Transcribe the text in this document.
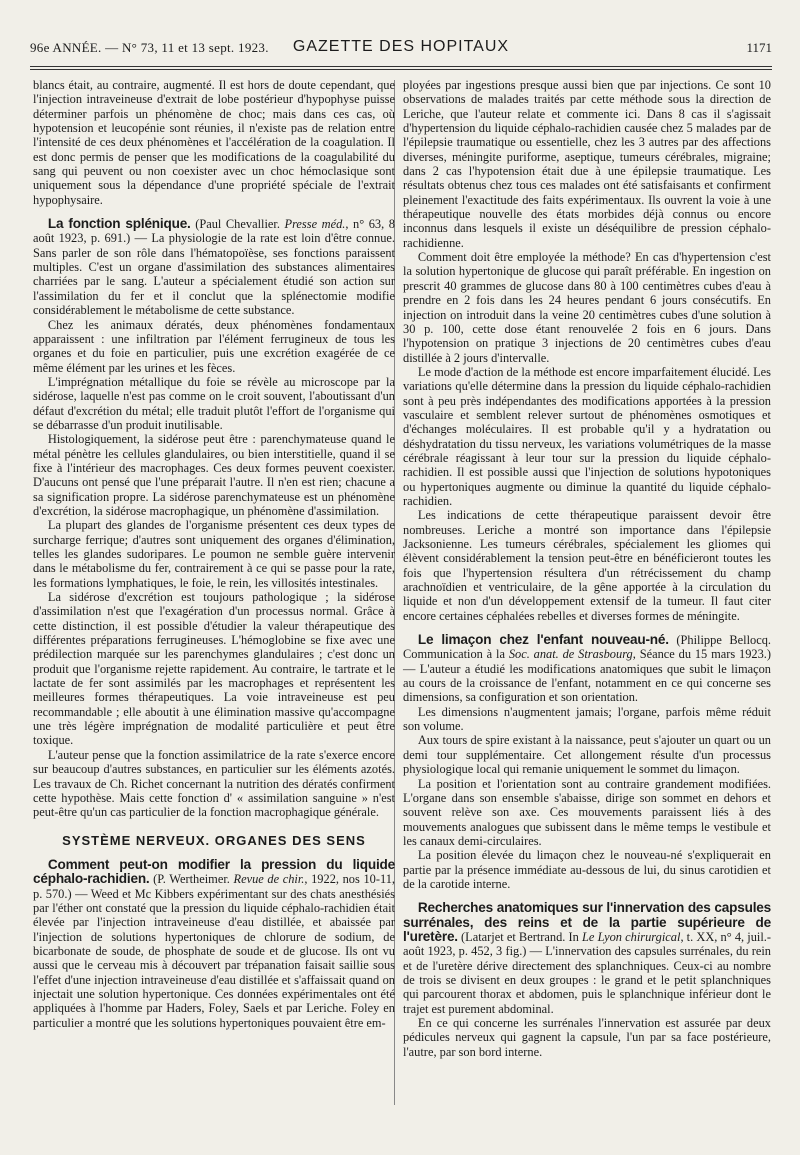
96e ANNÉE. — N° 73, 11 et 13 sept. 1923.	GAZETTE DES HOPITAUX	1171

blancs était, au contraire, augmenté. Il est hors de doute cependant, que l'injection intraveineuse d'extrait de lobe postérieur d'hypophyse puisse déterminer parfois un phénomène de choc; mais dans ces cas, où hypotension et leucopénie sont réunies, il n'existe pas de relation entre l'intensité de ces deux phénomènes et l'accélération de la coagulation. Il est donc permis de penser que les modifications de la coagulabilité du sang qui peuvent ou non coexister avec un choc hémoclasique sont uniquement sous la dépendance d'une propriété spéciale de l'extrait hypophysaire.

La fonction splénique. (Paul Chevallier. Presse méd., n° 63, 8 août 1923, p. 691.) — La physiologie de la rate est loin d'être connue. Sans parler de son rôle dans l'hématopoïèse, ses fonctions paraissent multiples. C'est un organe d'assimilation des substances alimentaires charriées par le sang. L'auteur a spécialement étudié son action sur l'assimilation du fer et il conclut que la splénectomie modifie considérablement le métabolisme de cette substance.

Chez les animaux dératés, deux phénomènes fondamentaux apparaissent : une infiltration par l'élément ferrugineux de tous les organes et du foie en particulier, puis une excrétion exagérée de ce même élément par les urines et les fèces.

L'imprégnation métallique du foie se révèle au microscope par la sidérose, laquelle n'est pas comme on le croit souvent, l'aboutissant d'un défaut d'excrétion du métal; elle traduit plutôt l'effort de l'organisme qui se débarrasse d'un produit inutilisable.

Histologiquement, la sidérose peut être : parenchymateuse quand le métal pénètre les cellules glandulaires, ou bien interstitielle, quand il se fixe à l'intérieur des macrophages. Ces deux formes peuvent coexister. D'aucuns ont pensé que l'une préparait l'autre. Il n'en est rien; chacune a sa signification propre. La sidérose parenchymateuse est un phénomène d'excrétion, la sidérose macrophagique, un phénomène d'assimilation.

La plupart des glandes de l'organisme présentent ces deux types de surcharge ferrique; d'autres sont uniquement des organes d'élimination, telles les glandes sudoripares. Le poumon ne semble guère intervenir dans le métabolisme du fer, contrairement à ce qui se passe pour la rate, les formations lymphatiques, le foie, le rein, les villosités intestinales.

La sidérose d'excrétion est toujours pathologique ; la sidérose d'assimilation n'est que l'exagération d'un processus normal. Grâce à cette distinction, il est possible d'étudier la valeur thérapeutique des différentes préparations ferrugineuses. L'hémoglobine se fixe avec une prédilection marquée sur les parenchymes glandulaires ; c'est donc un produit que l'organisme rejette rapidement. Au contraire, le tartrate et le lactate de fer sont assimilés par les macrophages et représentent les meilleures formes thérapeutiques. La voie intraveineuse est peu recommandable ; elle aboutit à une élimination massive qu'accompagne une très légère imprégnation de modalité particulière et peut être toxique.

L'auteur pense que la fonction assimilatrice de la rate s'exerce encore sur beaucoup d'autres substances, en particulier sur les éléments azotés. Les travaux de Ch. Richet concernant la nutrition des dératés confirment cette hypothèse. Mais cette fonction d' « assimilation sanguine » n'est peut-être qu'un cas particulier de la fonction macrophagique générale.

SYSTÈME NERVEUX. ORGANES DES SENS

Comment peut-on modifier la pression du liquide céphalo-rachidien. (P. Wertheimer. Revue de chir., 1922, nos 10-11, p. 570.) — Weed et Mc Kibbers expérimentant sur des chats anesthésiés par l'éther ont constaté que la pression du liquide céphalo-rachidien était élevée par l'injection intraveineuse d'eau distillée, et abaissée par l'injection de solutions hypertoniques de chlorure de sodium, de bicarbonate de soude, de phosphate de soude et de glucose. Ils ont vu aussi que le cerveau mis à découvert par trépanation faisait saillie sous l'effet d'une injection intraveineuse d'eau distillée et s'affaissait quand on injectait une solution hypertonique. Ces données expérimentales ont été appliquées à l'homme par Haders, Foley, Saels et par Leriche. Foley en particulier a montré que les solutions hypertoniques pouvaient être em-

ployées par ingestions presque aussi bien que par injections. Ce sont 10 observations de malades traités par cette méthode sous la direction de Leriche, que l'auteur relate et commente ici. Dans 8 cas il s'agissait d'hypertension du liquide céphalo-rachidien causée chez 5 malades par de l'épilepsie traumatique ou essentielle, chez les 3 autres par des affections diverses, méningite puriforme, aseptique, tumeurs cérébrales, migraine; dans 2 cas l'hypotension était due à une épilepsie traumatique. Les résultats obtenus chez tous ces malades ont été satisfaisants et confirment pleinement l'exactitude des faits expérimentaux. Ils ouvrent la voie à une thérapeutique nouvelle des états morbides déjà connus ou encore inconnus dans lesquels il existe un déséquilibre de pression céphalo-rachidienne.

Comment doit être employée la méthode? En cas d'hypertension c'est la solution hypertonique de glucose qui paraît préférable. En ingestion on prescrit 40 grammes de glucose dans 80 à 100 centimètres cubes d'eau à prendre en 2 fois dans les 24 heures pendant 6 jours consécutifs. En injection on introduit dans la veine 20 centimètres cubes d'une solution à 30 p. 100, cette dose étant renouvelée 2 fois en 6 jours. Dans l'hypotension on pratique 3 injections de 20 centimètres cubes d'eau distillée à 2 jours d'intervalle.

Le mode d'action de la méthode est encore imparfaitement élucidé. Les variations qu'elle détermine dans la pression du liquide céphalo-rachidien sont à peu près indépendantes des modifications apportées à la pression vasculaire et semblent relever surtout de phénomènes osmotiques et d'échanges moléculaires. Il est probable qu'il y a hydratation ou déshydratation du tissu nerveux, les variations volumétriques de la masse cérébrale réagissant à leur tour sur la pression du liquide céphalo-rachidien. Il est possible aussi que l'injection de solutions hypotoniques ou hypertoniques augmente ou diminue la quantité du liquide céphalo-rachidien.

Les indications de cette thérapeutique paraissent devoir être nombreuses. Leriche a montré son importance dans l'épilepsie Jacksonienne. Les tumeurs cérébrales, spécialement les gliomes qui élèvent considérablement la tension peut-être en bénéficieront toutes les fois que l'hypertension résultera d'un rétrécissement du champ arachnoïdien et ventriculaire, de la gêne apportée à la circulation du liquide et non d'un développement extensif de la tumeur. Il faut citer encore certaines céphalées rebelles et diverses formes de méningite.

Le limaçon chez l'enfant nouveau-né. (Philippe Bellocq. Communication à la Soc. anat. de Strasbourg, Séance du 15 mars 1923.) — L'auteur a étudié les modifications anatomiques que subit le limaçon au cours de la croissance de l'enfant, notamment en ce qui concerne ses dimensions, sa configuration et son orientation.

Les dimensions n'augmentent jamais; l'organe, parfois même réduit son volume.

Aux tours de spire existant à la naissance, peut s'ajouter un quart ou un demi tour supplémentaire. Cet allongement résulte d'un processus physiologique local qui remanie uniquement le sommet du limaçon.

La position et l'orientation sont au contraire grandement modifiées. L'organe dans son ensemble s'abaisse, dirige son sommet en dehors et souvent relève son axe. Ces mouvements paraissent liés à des mouvements analogues que subissent dans le même temps le vestibule et les canaux demi-circulaires.

La position élevée du limaçon chez le nouveau-né s'expliquerait en partie par la présence immédiate au-dessous de lui, du sinus carotidien et de la carotide interne.

Recherches anatomiques sur l'innervation des capsules surrénales, des reins et de la partie supérieure de l'uretère. (Latarjet et Bertrand. In Le Lyon chirurgical, t. XX, n° 4, juil.-août 1923, p. 452, 3 fig.) — L'innervation des capsules surrénales, du rein et de l'uretère dérive directement des splanchniques. Ceux-ci au nombre de trois se divisent en deux groupes : le grand et le petit splanchniques qui parcourent thorax et abdomen, puis le splanchnique inférieur dont le trajet est purement abdominal.

En ce qui concerne les surrénales l'innervation est assurée par deux pédicules nerveux qui gagnent la capsule, l'un par sa face postérieure, l'autre, par son bord interne.
